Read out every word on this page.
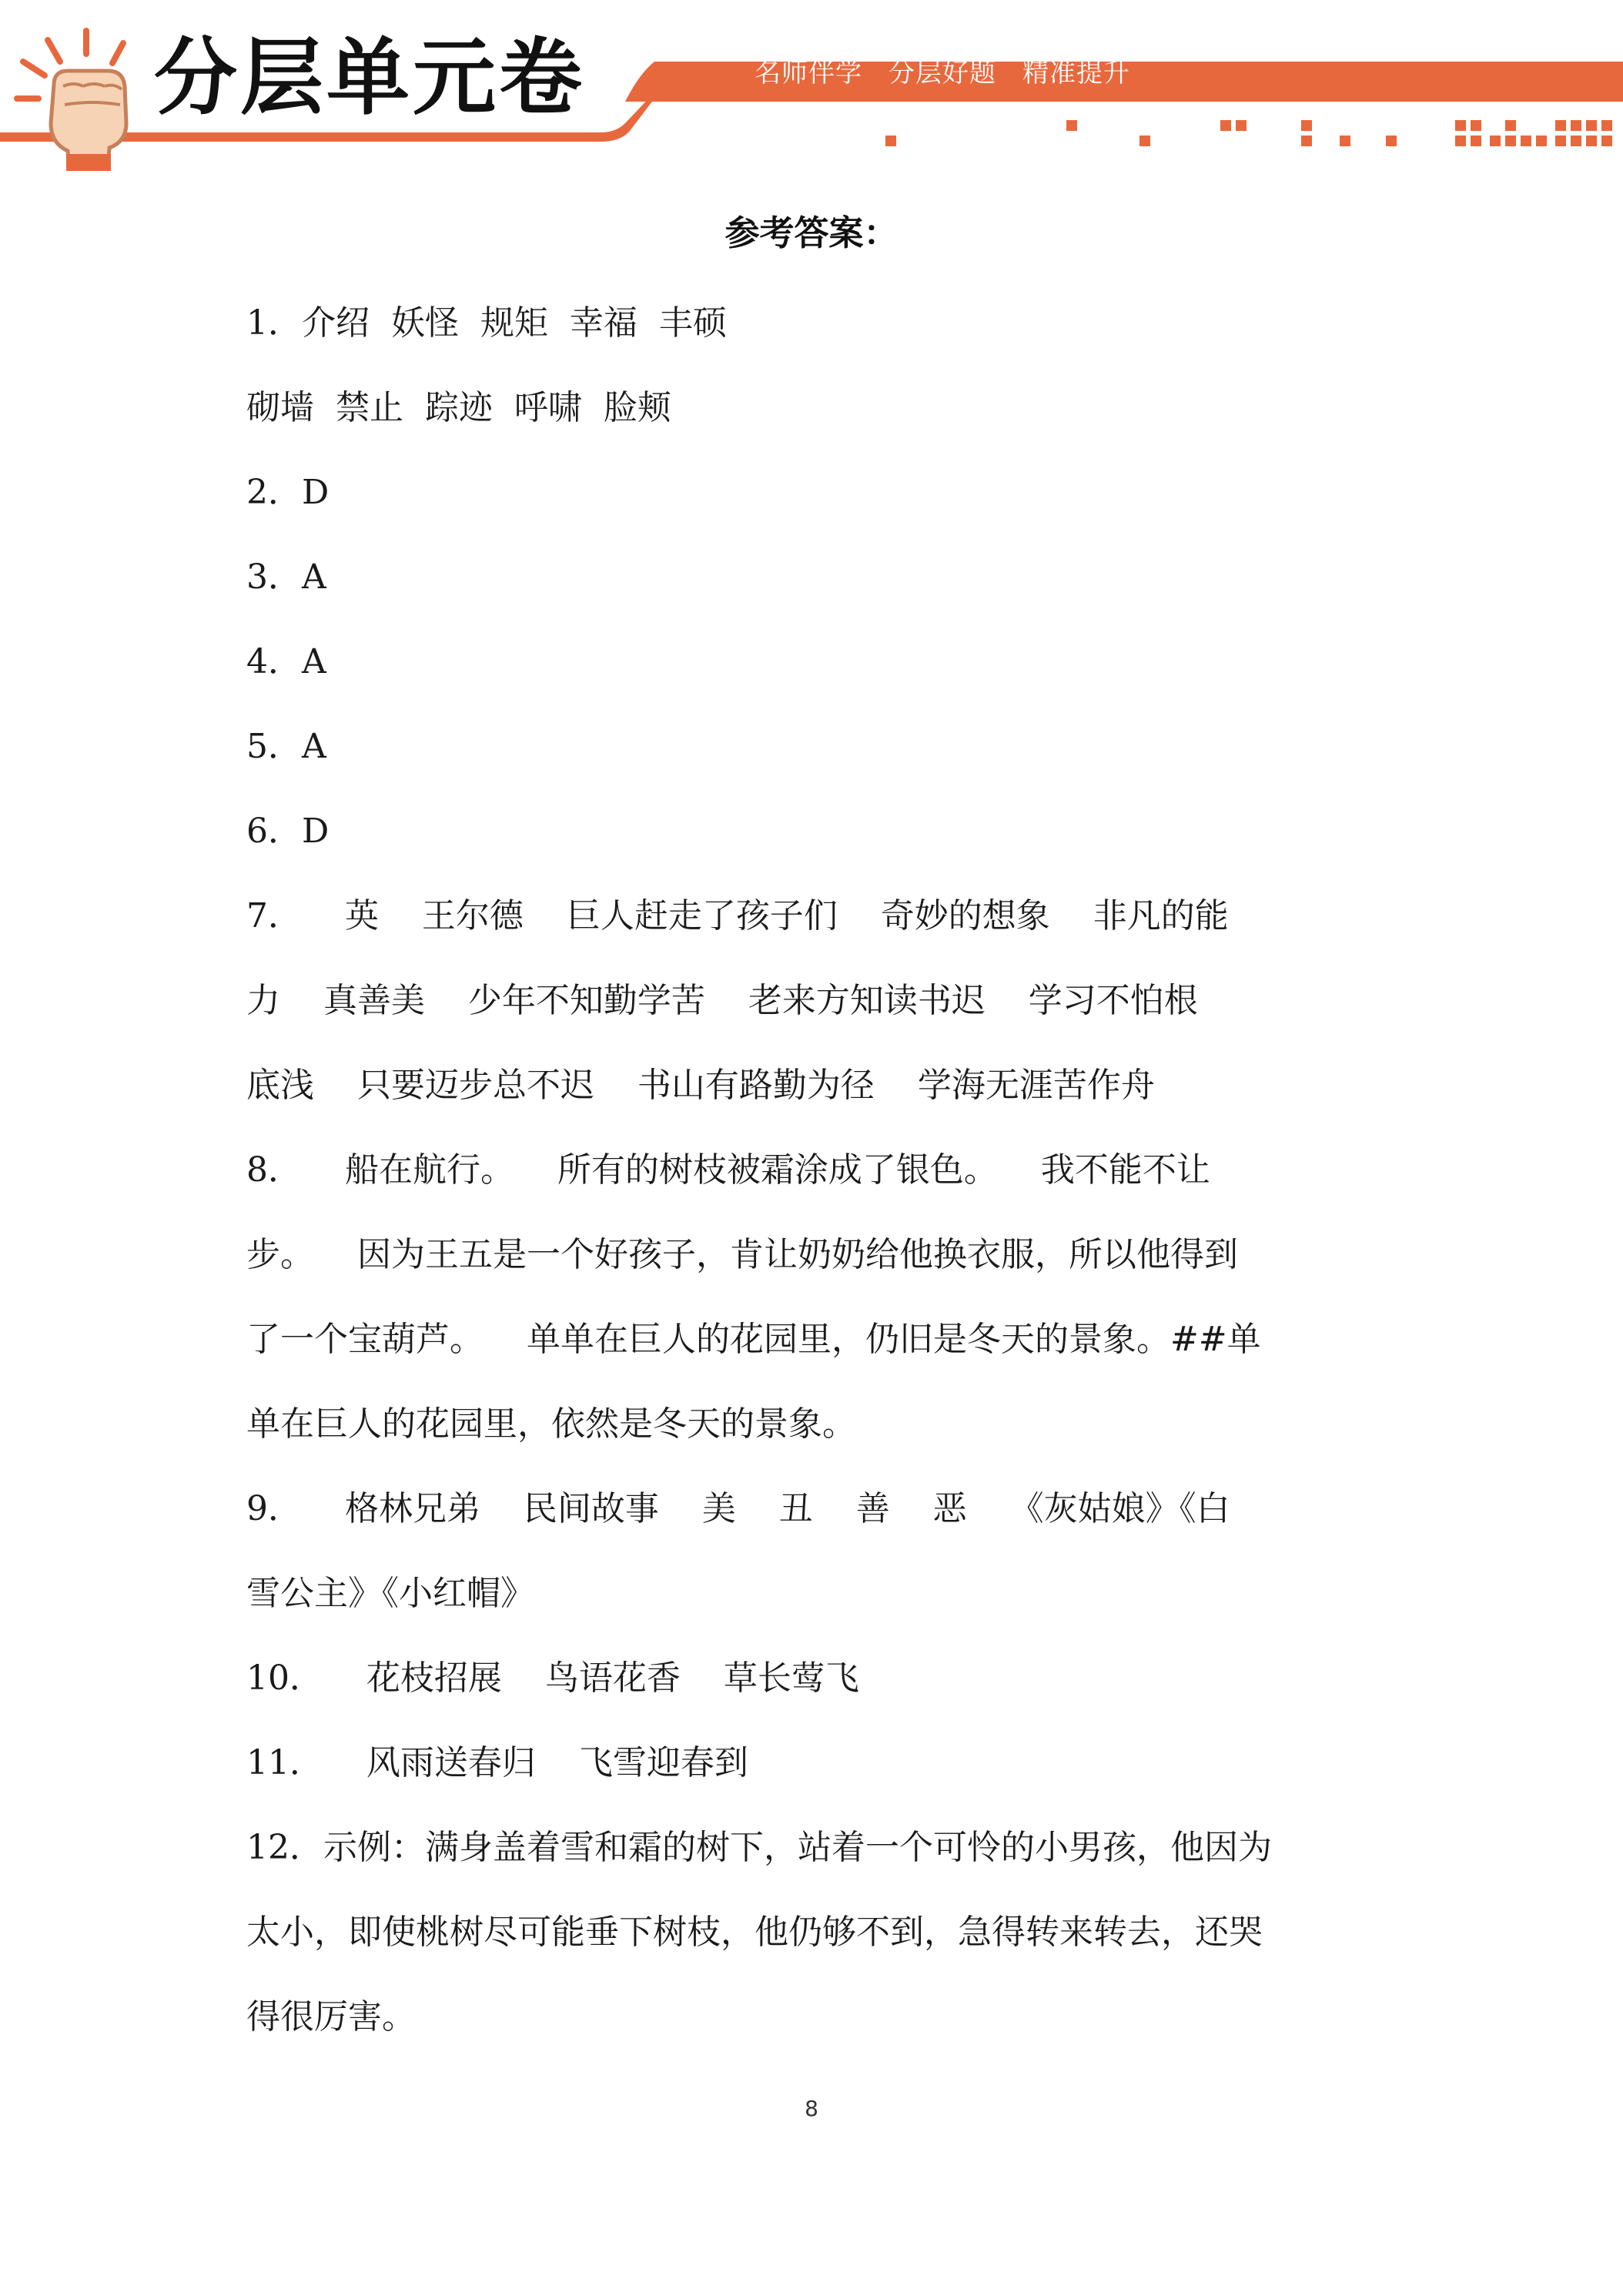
分层单元卷	名师伴学 分层好题 精准提升
参考答案：
1．介绍  妖怪  规矩  幸福  丰硕
砌墙  禁止  踪迹  呼啸  脸颊
2．D
3．A
4．A
5．A
6．D
7．    英    王尔德    巨人赶走了孩子们    奇妙的想象    非凡的能
力    真善美    少年不知勤学苦    老来方知读书迟    学习不怕根
底浅    只要迈步总不迟    书山有路勤为径    学海无涯苦作舟
8．    船在航行。    所有的树枝被霜涂成了银色。    我不能不让
步。    因为王五是一个好孩子，肯让奶奶给他换衣服，所以他得到
了一个宝葫芦。    单单在巨人的花园里，仍旧是冬天的景象。##单
单在巨人的花园里，依然是冬天的景象。
9．    格林兄弟    民间故事    美    丑    善    恶    《灰姑娘》《白
雪公主》《小红帽》
10．    花枝招展    鸟语花香    草长莺飞
11．    风雨送春归    飞雪迎春到
12．示例：满身盖着雪和霜的树下，站着一个可怜的小男孩，他因为
太小，即使桃树尽可能垂下树枝，他仍够不到，急得转来转去，还哭
得很厉害。
8
